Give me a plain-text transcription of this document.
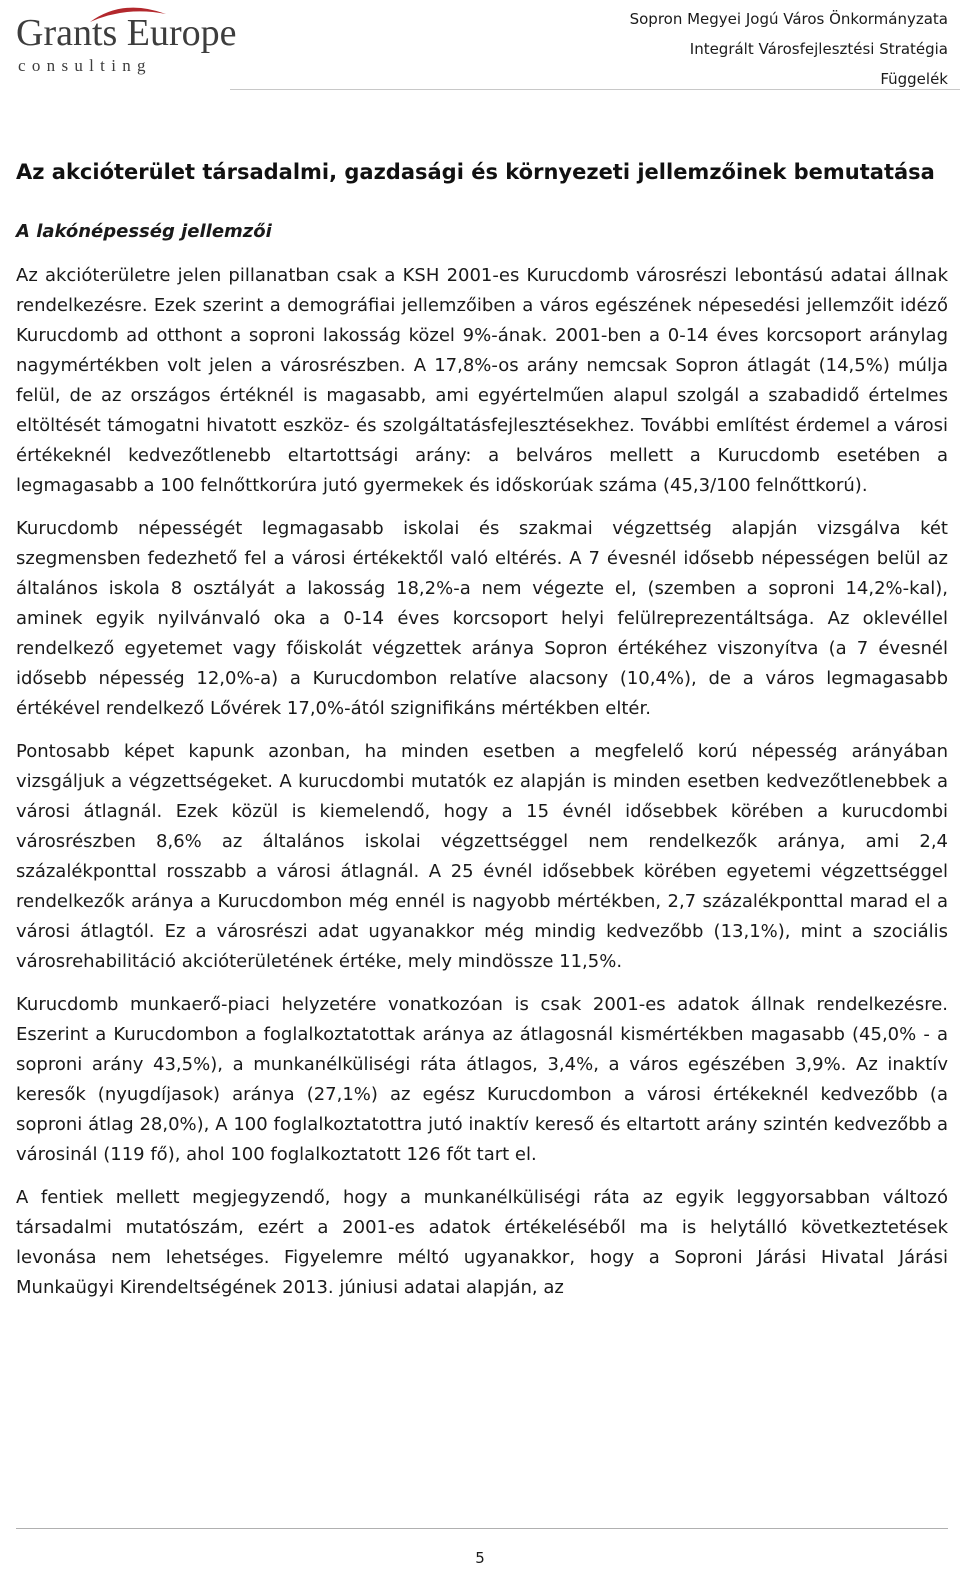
Grants Europe
consulting
Sopron Megyei Jogú Város Önkormányzata
Integrált Városfejlesztési Stratégia
Függelék
Az akcióterület társadalmi, gazdasági és környezeti jellemzőinek bemutatása
A lakónépesség jellemzői

Az akcióterületre jelen pillanatban csak a KSH 2001-es Kurucdomb városrészi lebontású adatai állnak rendelkezésre. Ezek szerint a demográfiai jellemzőiben a város egészének népesedési jellemzőit idéző Kurucdomb ad otthont a soproni lakosság közel 9%-ának. 2001-ben a 0-14 éves korcsoport aránylag nagymértékben volt jelen a városrészben. A 17,8%-os arány nemcsak Sopron átlagát (14,5%) múlja felül, de az országos értéknél is magasabb, ami egyértelműen alapul szolgál a szabadidő értelmes eltöltését támogatni hivatott eszköz- és szolgáltatásfejlesztésekhez. További említést érdemel a városi értékeknél kedvezőtlenebb eltartottsági arány: a belváros mellett a Kurucdomb esetében a legmagasabb a 100 felnőttkorúra jutó gyermekek és időskorúak száma (45,3/100 felnőttkorú).

Kurucdomb népességét legmagasabb iskolai és szakmai végzettség alapján vizsgálva két szegmensben fedezhető fel a városi értékektől való eltérés. A 7 évesnél idősebb népességen belül az általános iskola 8 osztályát a lakosság 18,2%-a nem végezte el, (szemben a soproni 14,2%-kal), aminek egyik nyilvánvaló oka a 0-14 éves korcsoport helyi felülreprezentáltsága. Az oklevéllel rendelkező egyetemet vagy főiskolát végzettek aránya Sopron értékéhez viszonyítva (a 7 évesnél idősebb népesség 12,0%-a) a Kurucdombon relatíve alacsony (10,4%), de a város legmagasabb értékével rendelkező Lővérek 17,0%-ától szignifikáns mértékben eltér.

Pontosabb képet kapunk azonban, ha minden esetben a megfelelő korú népesség arányában vizsgáljuk a végzettségeket. A kurucdombi mutatók ez alapján is minden esetben kedvezőtlenebbek a városi átlagnál. Ezek közül is kiemelendő, hogy a 15 évnél idősebbek körében a kurucdombi városrészben 8,6% az általános iskolai végzettséggel nem rendelkezők aránya, ami 2,4 százalékponttal rosszabb a városi átlagnál. A 25 évnél idősebbek körében egyetemi végzettséggel rendelkezők aránya a Kurucdombon még ennél is nagyobb mértékben, 2,7 százalékponttal marad el a városi átlagtól. Ez a városrészi adat ugyanakkor még mindig kedvezőbb (13,1%), mint a szociális városrehabilitáció akcióterületének értéke, mely mindössze 11,5%.

Kurucdomb munkaerő-piaci helyzetére vonatkozóan is csak 2001-es adatok állnak rendelkezésre. Eszerint a Kurucdombon a foglalkoztatottak aránya az átlagosnál kismértékben magasabb (45,0% - a soproni arány 43,5%), a munkanélküliségi ráta átlagos, 3,4%, a város egészében 3,9%. Az inaktív keresők (nyugdíjasok) aránya (27,1%) az egész Kurucdombon a városi értékeknél kedvezőbb (a soproni átlag 28,0%), A 100 foglalkoztatottra jutó inaktív kereső és eltartott arány szintén kedvezőbb a városinál (119 fő), ahol 100 foglalkoztatott 126 főt tart el.

A fentiek mellett megjegyzendő, hogy a munkanélküliségi ráta az egyik leggyorsabban változó társadalmi mutatószám, ezért a 2001-es adatok értékeléséből ma is helytálló következtetések levonása nem lehetséges. Figyelemre méltó ugyanakkor, hogy a Soproni Járási Hivatal Járási Munkaügyi Kirendeltségének 2013. júniusi adatai alapján, az

5
